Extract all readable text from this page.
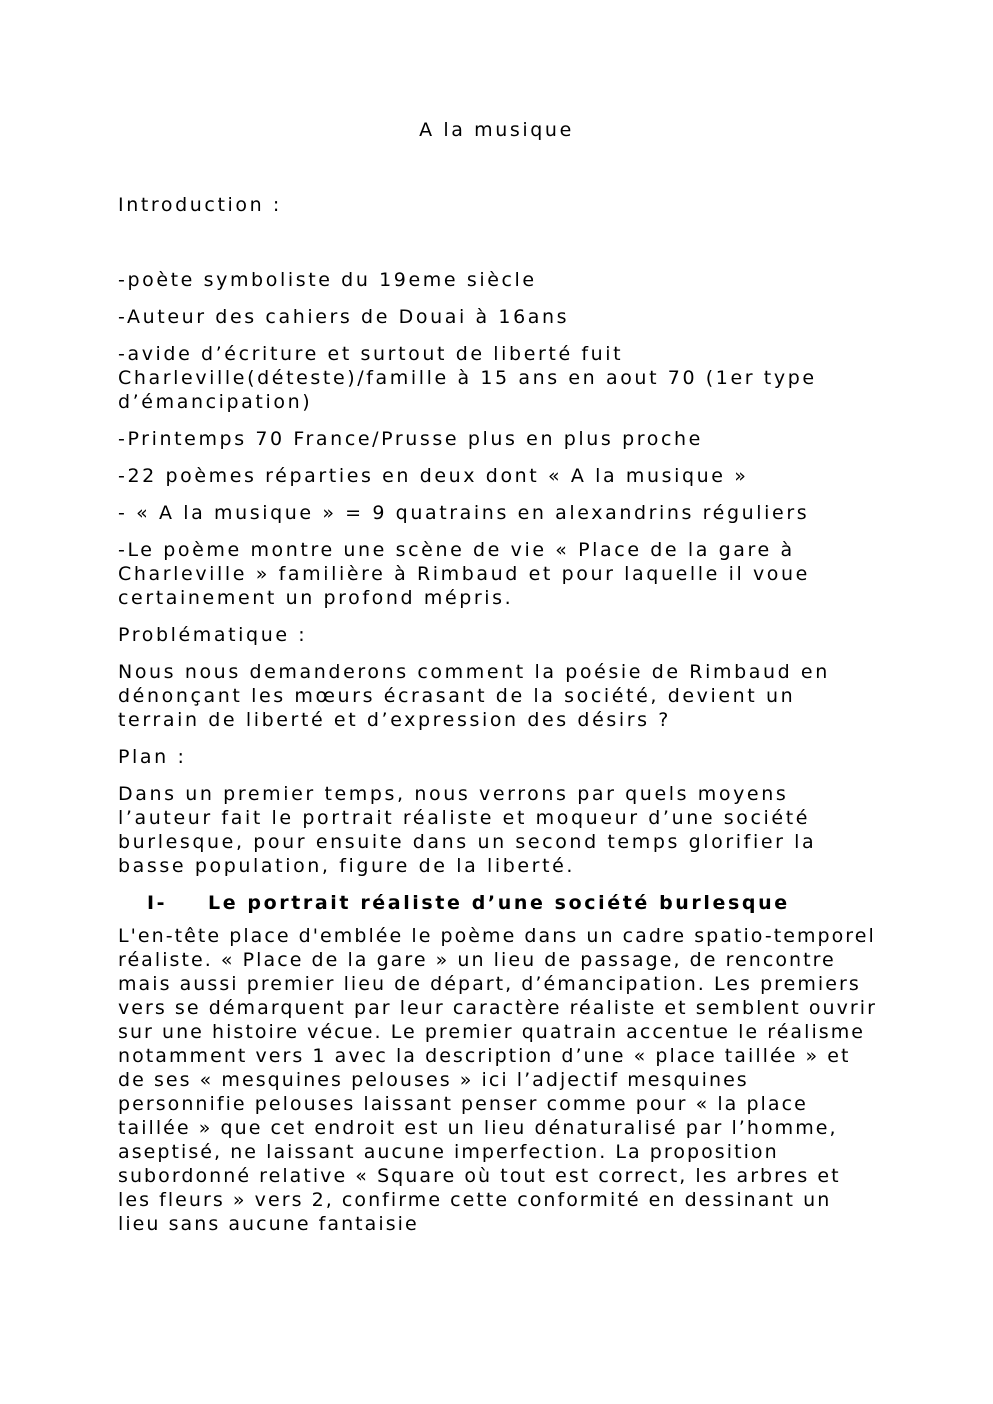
A la musique

Introduction :

-poète symboliste du 19eme siècle

-Auteur des cahiers de Douai à 16ans

-avide d’écriture et surtout de liberté fuit Charleville(déteste)/famille à 15 ans en aout 70 (1er type d’émancipation)

-Printemps 70 France/Prusse plus en plus proche

-22 poèmes réparties en deux dont « A la musique »

- « A la musique » = 9 quatrains en alexandrins réguliers

-Le poème montre une scène de vie « Place de la gare à Charleville » familière à Rimbaud et pour laquelle il voue certainement un profond mépris.

Problématique :

Nous nous demanderons comment la poésie de Rimbaud en dénonçant les mœurs écrasant de la société, devient un terrain de liberté et d’expression des désirs ?

Plan :

Dans un premier temps, nous verrons par quels moyens l’auteur fait le portrait réaliste et moqueur d’une société burlesque, pour ensuite dans un second temps glorifier la basse population, figure de la liberté.

I-	Le portrait réaliste d’une société burlesque

L'en-tête place d'emblée le poème dans un cadre spatio-temporel réaliste. « Place de la gare » un lieu de passage, de rencontre mais aussi premier lieu de départ, d’émancipation. Les premiers vers se démarquent par leur caractère réaliste et semblent ouvrir sur une histoire vécue. Le premier quatrain accentue le réalisme notamment vers 1 avec la description d’une « place taillée » et de ses « mesquines pelouses » ici l’adjectif mesquines personnifie pelouses laissant penser comme pour « la place taillée » que cet endroit est un lieu dénaturalisé par l’homme, aseptisé, ne laissant aucune imperfection. La proposition subordonné relative « Square où tout est correct, les arbres et les fleurs » vers 2, confirme cette conformité en dessinant un lieu sans aucune fantaisie
